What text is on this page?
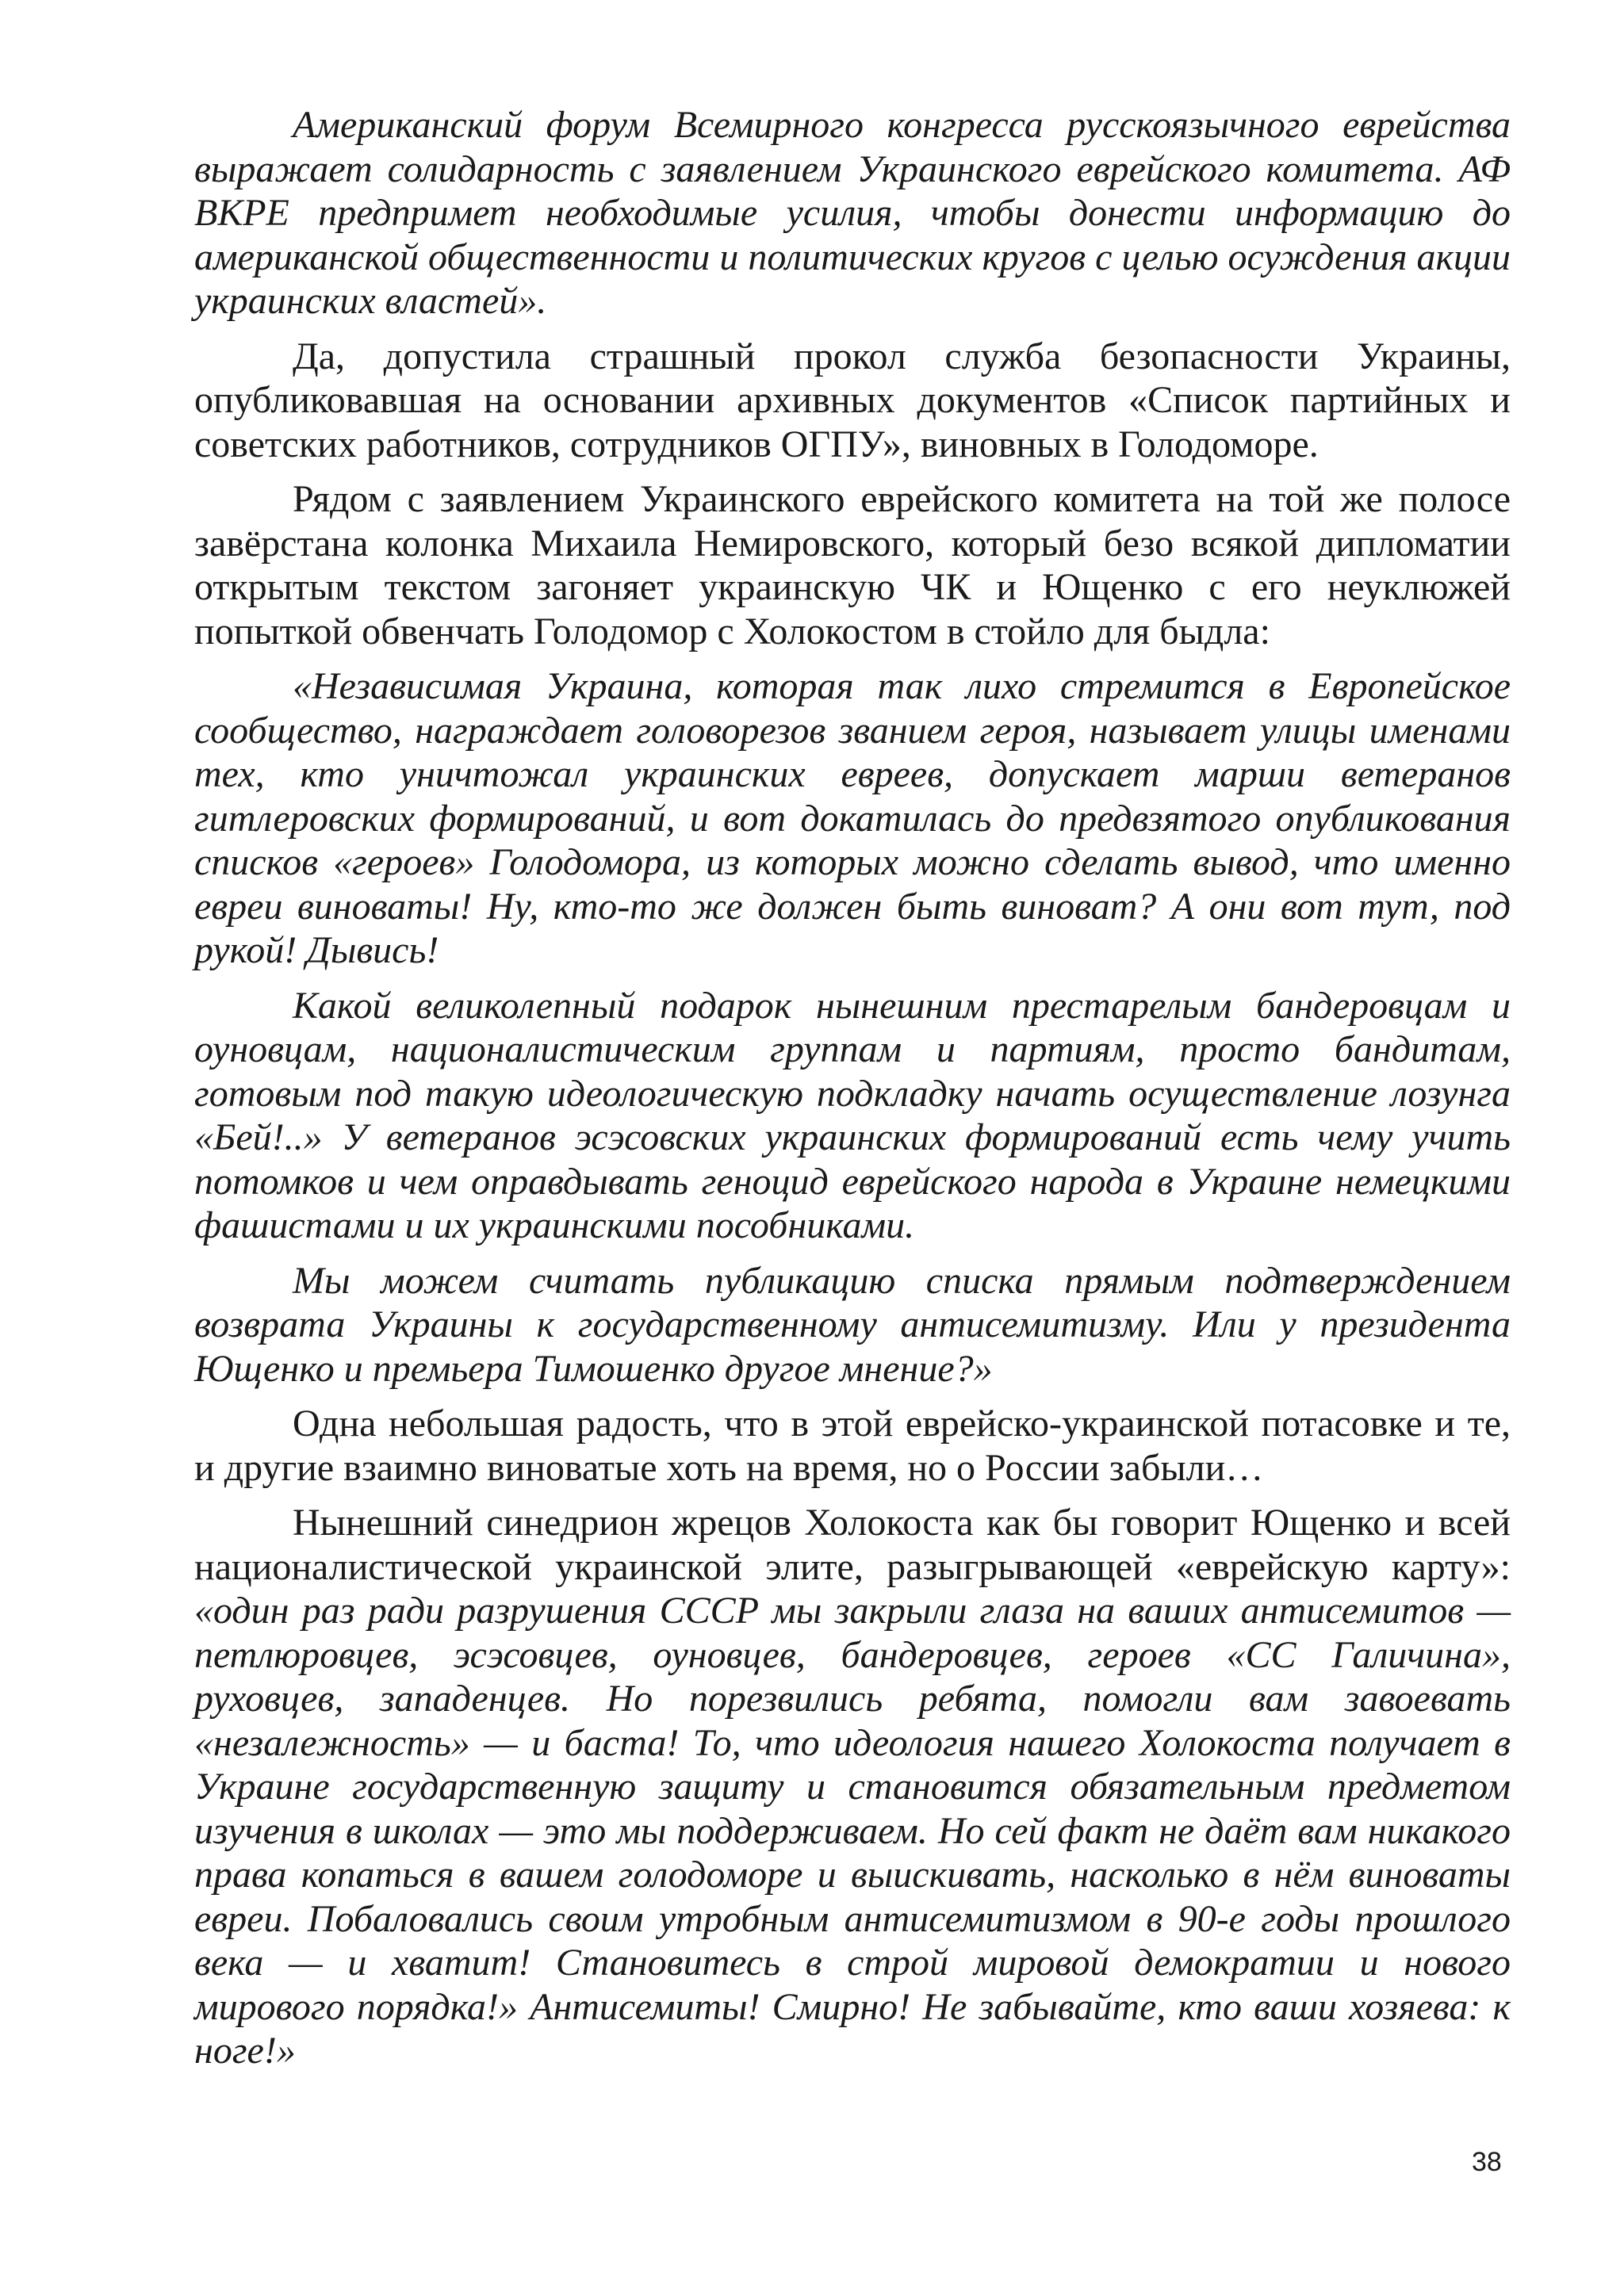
Американский форум Всемирного конгресса русскоязычного еврейства выражает солидарность с заявлением Украинского еврейского комитета. АФ ВКРЕ предпримет необходимые усилия, чтобы донести информацию до американской общественности и политических кругов с целью осуждения акции украинских властей».

Да, допустила страшный прокол служба безопасности Украины, опубликовавшая на основании архивных документов «Список партийных и советских работников, сотрудников ОГПУ», виновных в Голодоморе.

Рядом с заявлением Украинского еврейского комитета на той же полосе завёрстана колонка Михаила Немировского, который безо всякой дипломатии открытым текстом загоняет украинскую ЧК и Ющенко с его неуклюжей попыткой обвенчать Голодомор с Холокостом в стойло для быдла:

«Независимая Украина, которая так лихо стремится в Европейское сообщество, награждает головорезов званием героя, называет улицы именами тех, кто уничтожал украинских евреев, допускает марши ветеранов гитлеровских формирований, и вот докатилась до предвзятого опубликования списков «героев» Голодомора, из которых можно сделать вывод, что именно евреи виноваты! Ну, кто-то же должен быть виноват? А они вот тут, под рукой! Дывись!

Какой великолепный подарок нынешним престарелым бандеровцам и оуновцам, националистическим группам и партиям, просто бандитам, готовым под такую идеологическую подкладку начать осуществление лозунга «Бей!..» У ветеранов эсэсовских украинских формирований есть чему учить потомков и чем оправдывать геноцид еврейского народа в Украине немецкими фашистами и их украинскими пособниками.

Мы можем считать публикацию списка прямым подтверждением возврата Украины к государственному антисемитизму. Или у президента Ющенко и премьера Тимошенко другое мнение?»

Одна небольшая радость, что в этой еврейско-украинской потасовке и те, и другие взаимно виноватые хоть на время, но о России забыли…

Нынешний синедрион жрецов Холокоста как бы говорит Ющенко и всей националистической украинской элите, разыгрывающей «еврейскую карту»: «один раз ради разрушения СССР мы закрыли глаза на ваших антисемитов — петлюровцев, эсэсовцев, оуновцев, бандеровцев, героев «СС Галичина», руховцев, западенцев. Но порезвились ребята, помогли вам завоевать «незалежность» — и баста! То, что идеология нашего Холокоста получает в Украине государственную защиту и становится обязательным предметом изучения в школах — это мы поддерживаем. Но сей факт не даёт вам никакого права копаться в вашем голодоморе и выискивать, насколько в нём виноваты евреи. Побаловались своим утробным антисемитизмом в 90-е годы прошлого века — и хватит! Становитесь в строй мировой демократии и нового мирового порядка!» Антисемиты! Смирно! Не забывайте, кто ваши хозяева: к ноге!»

38
